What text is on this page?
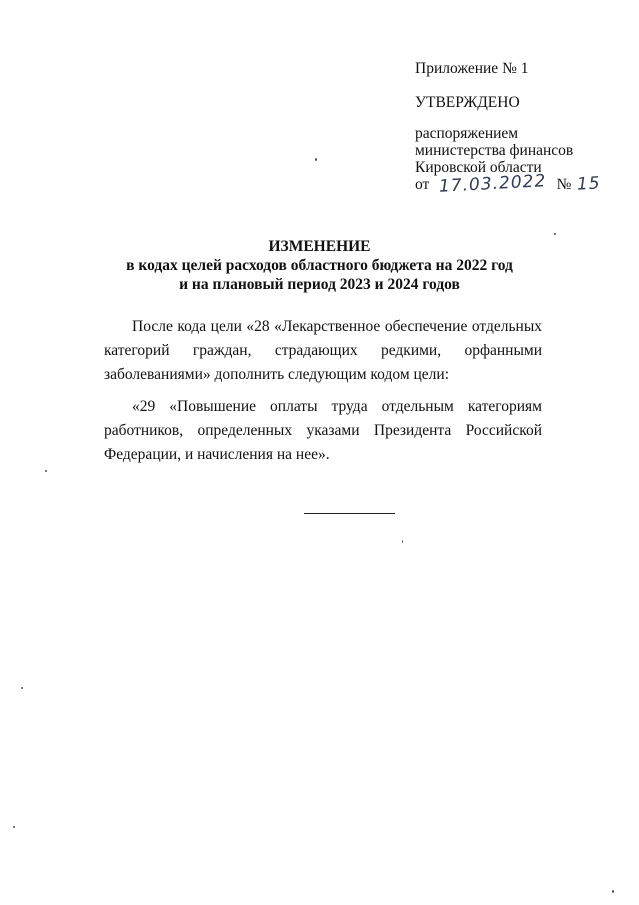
Приложение № 1
УТВЕРЖДЕНО
распоряжением
министерства финансов
Кировской области
от 17.03.2022 № 15
ИЗМЕНЕНИЕ
в кодах целей расходов областного бюджета на 2022 год
и на плановый период 2023 и 2024 годов

После кода цели «28 «Лекарственное обеспечение отдельных категорий граждан, страдающих редкими, орфанными заболеваниями» дополнить следующим кодом цели:

«29 «Повышение оплаты труда отдельным категориям работников, определенных указами Президента Российской Федерации, и начисления на нее».
